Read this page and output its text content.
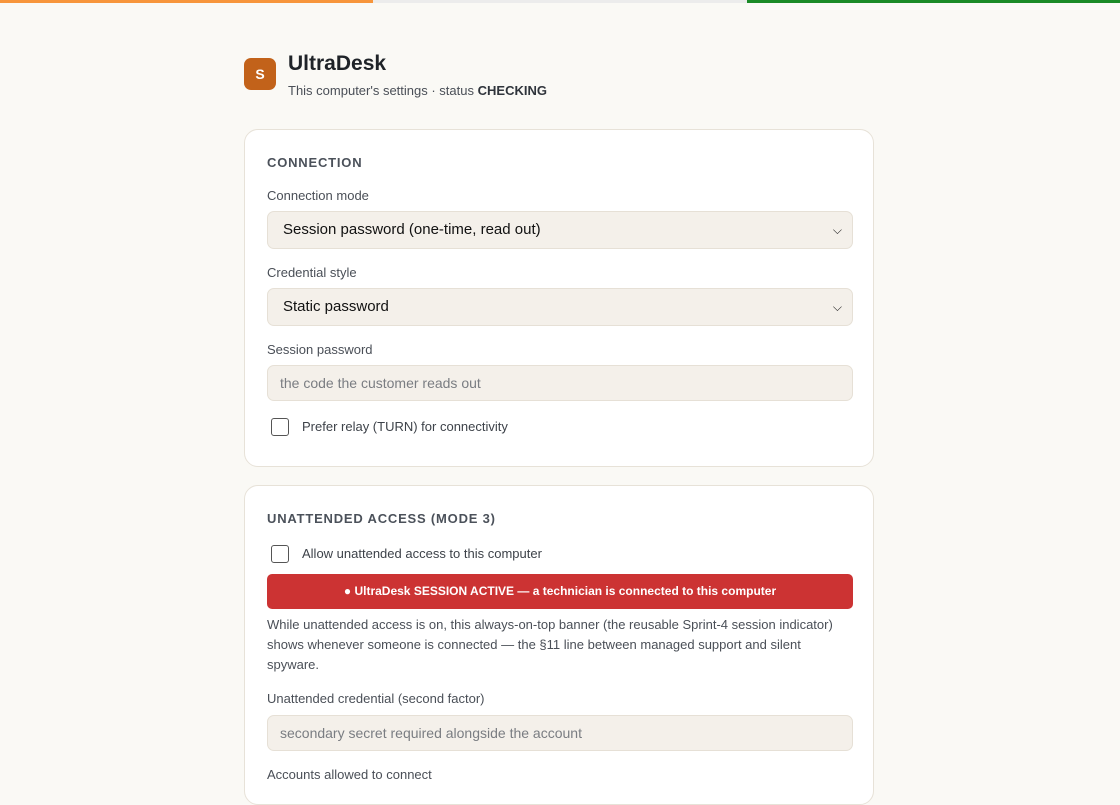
S	UltraDesk
This computer's settings · status CHECKING
CONNECTION
Connection mode
Session password (one-time, read out)	⌵
Credential style
Static password	⌵
Session password
the code the customer reads out
Prefer relay (TURN) for connectivity
UNATTENDED ACCESS (MODE 3)
Allow unattended access to this computer
● UltraDesk SESSION ACTIVE — a technician is connected to this computer
While unattended access is on, this always-on-top banner (the reusable Sprint-4 session indicator) shows whenever someone is connected — the §11 line between managed support and silent spyware.
Unattended credential (second factor)
secondary secret required alongside the account
Accounts allowed to connect
